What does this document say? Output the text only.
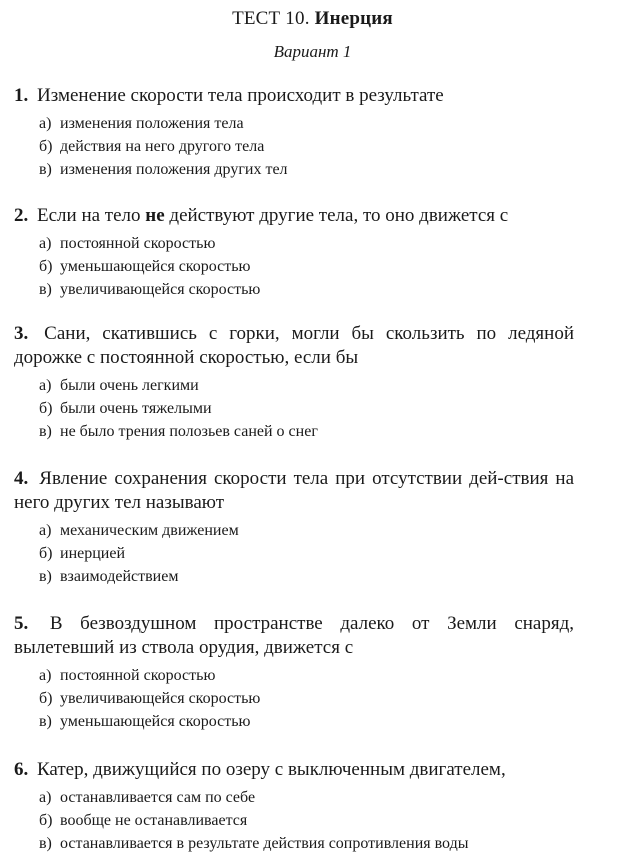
ТЕСТ 10. Инерция
Вариант 1
1. Изменение скорости тела происходит в результате
а) изменения положения тела
б) действия на него другого тела
в) изменения положения других тел
2. Если на тело не действуют другие тела, то оно движется с
а) постоянной скоростью
б) уменьшающейся скоростью
в) увеличивающейся скоростью
3. Сани, скатившись с горки, могли бы скользить по ледяной дорожке с постоянной скоростью, если бы
а) были очень легкими
б) были очень тяжелыми
в) не было трения полозьев саней о снег
4. Явление сохранения скорости тела при отсутствии дей-ствия на него других тел называют
а) механическим движением
б) инерцией
в) взаимодействием
5. В безвоздушном пространстве далеко от Земли снаряд, вылетевший из ствола орудия, движется с
а) постоянной скоростью
б) увеличивающейся скоростью
в) уменьшающейся скоростью
6. Катер, движущийся по озеру с выключенным двигателем,
а) останавливается сам по себе
б) вообще не останавливается
в) останавливается в результате действия сопротивления воды
